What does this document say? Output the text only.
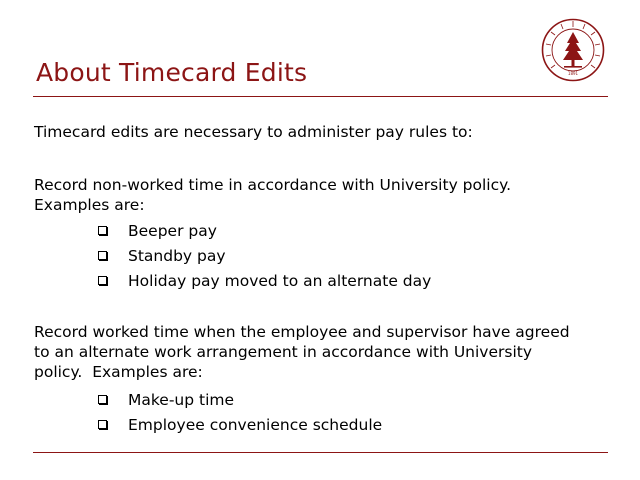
About Timecard Edits	1891
Timecard edits are necessary to administer pay rules to:
Record non-worked time in accordance with University policy.
Examples are:
Beeper pay
Standby pay
Holiday pay moved to an alternate day
Record worked time when the employee and supervisor have agreed
to an alternate work arrangement in accordance with University
policy.  Examples are:
Make-up time
Employee convenience schedule
